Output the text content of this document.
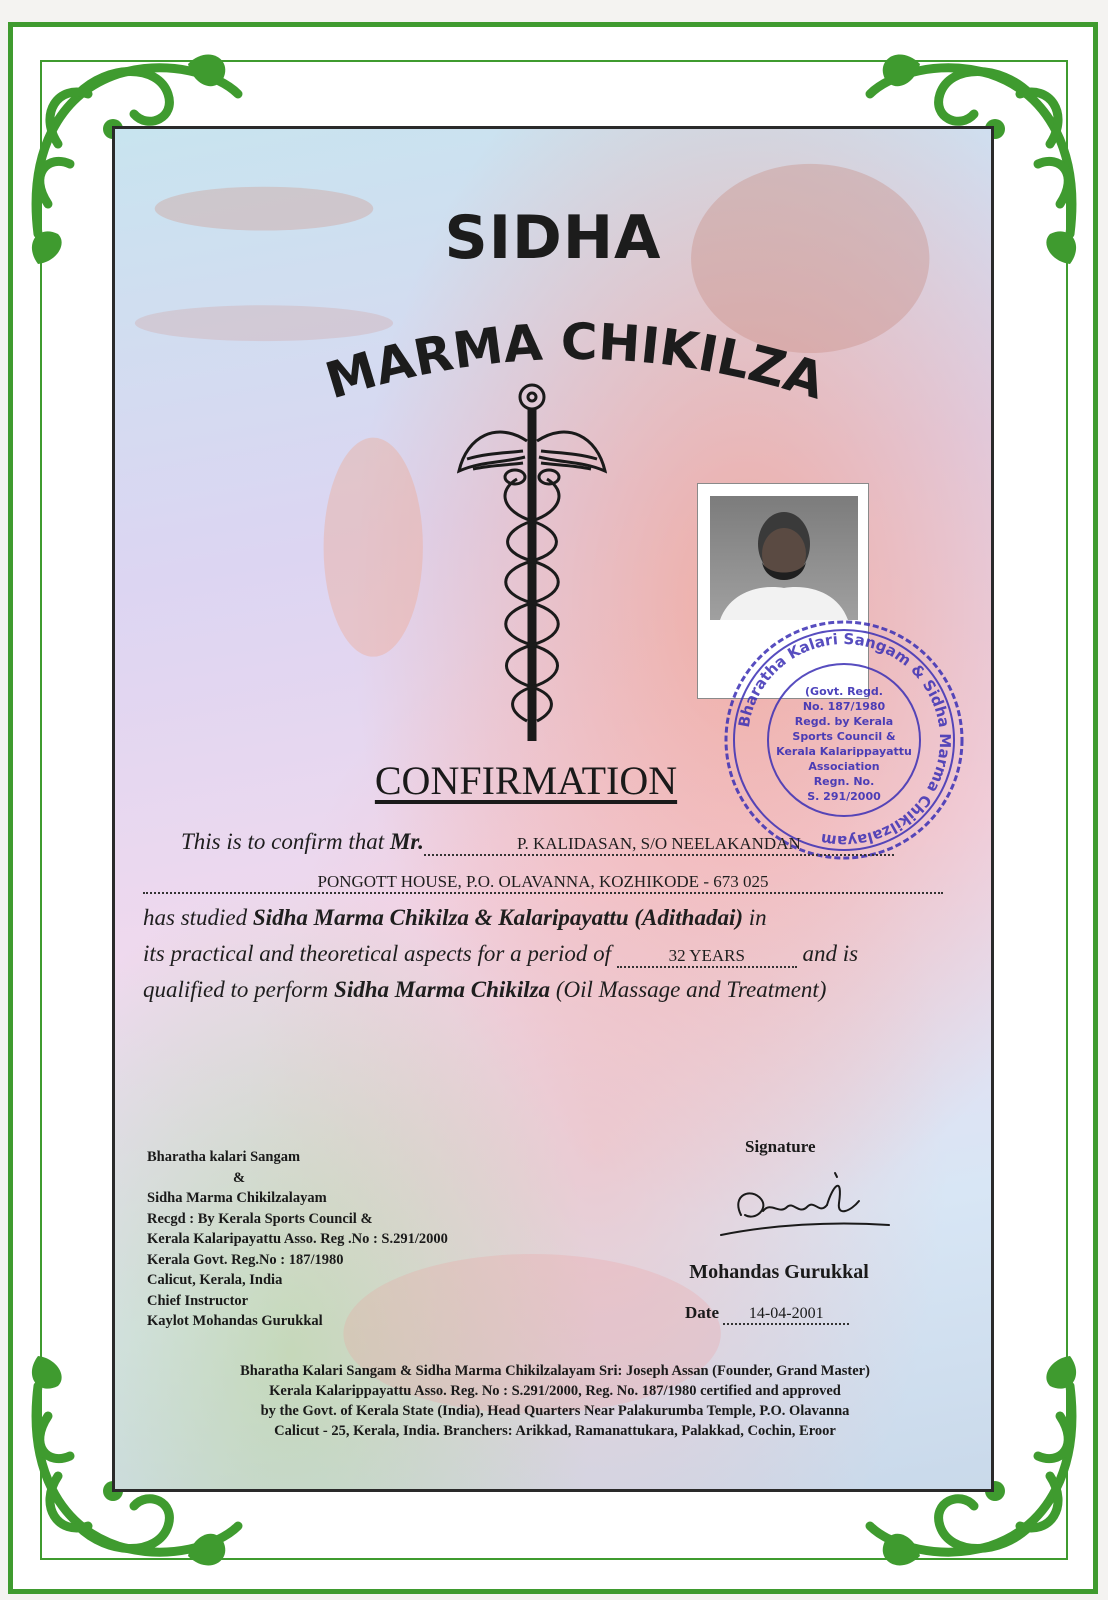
SIDHA
MARMA CHIKILZA
Bharatha Kalari Sangam & Sidha Marma Chikilzalayam
(Govt. Regd.
No. 187/1980
Regd. by Kerala
Sports Council &
Kerala Kalarippayattu
Association
Regn. No.
S. 291/2000
CONFIRMATION
This is to confirm that Mr.	P. KALIDASAN, S/O NEELAKANDAN
PONGOTT HOUSE, P.O. OLAVANNA, KOZHIKODE - 673 025
has studied Sidha Marma Chikilza & Kalaripayattu (Adithadai) in
its practical and theoretical aspects for a period of	32 YEARS and is
qualified to perform Sidha Marma Chikilza (Oil Massage and Treatment)
Bharatha kalari Sangam
&
Sidha Marma Chikilzalayam
Recgd : By Kerala Sports Council &
Kerala Kalaripayattu Asso. Reg .No : S.291/2000
Kerala Govt. Reg.No : 187/1980
Calicut, Kerala, India
Chief Instructor
Kaylot Mohandas Gurukkal
Signature
Mohandas Gurukkal
Date 14-04-2001
Bharatha Kalari Sangam & Sidha Marma Chikilzalayam Sri: Joseph Assan (Founder, Grand Master)
Kerala Kalarippayattu Asso. Reg. No : S.291/2000, Reg. No. 187/1980 certified and approved
by the Govt. of Kerala State (India), Head Quarters Near Palakurumba Temple, P.O. Olavanna
Calicut - 25, Kerala, India. Branchers: Arikkad, Ramanattukara, Palakkad, Cochin, Eroor
